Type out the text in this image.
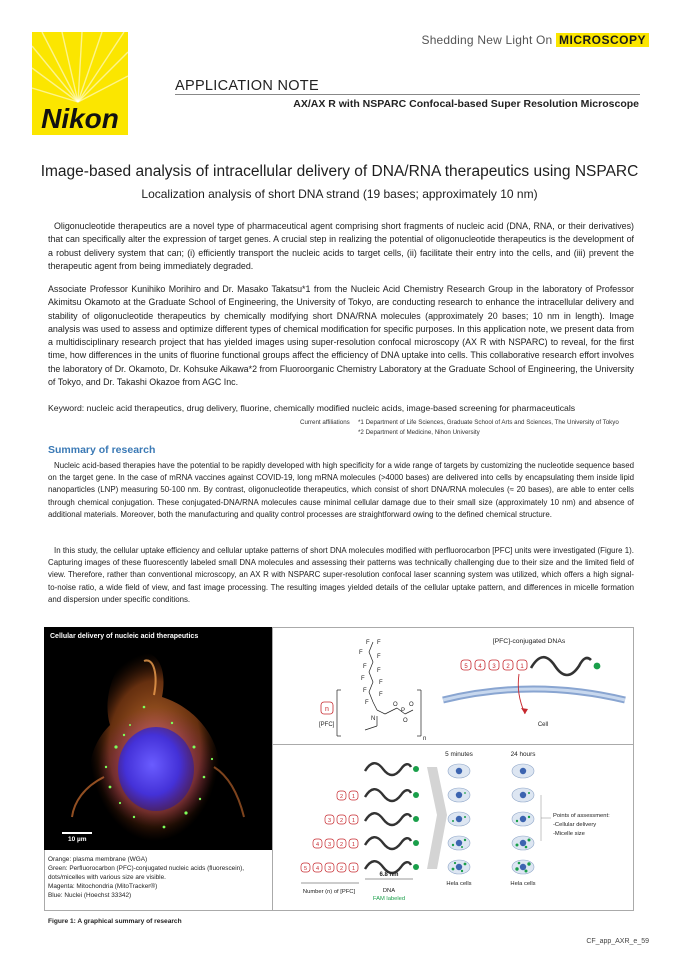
Nikon
Shedding New Light On MICROSCOPY
APPLICATION NOTE
AX/AX R with NSPARC Confocal-based Super Resolution Microscope
Image-based analysis of intracellular delivery of DNA/RNA therapeutics using NSPARC
Localization analysis of short DNA strand (19 bases; approximately 10 nm)

Oligonucleotide therapeutics are a novel type of pharmaceutical agent comprising short fragments of nucleic acid (DNA, RNA, or their derivatives) that can specifically alter the expression of target genes. A crucial step in realizing the potential of oligonucleotide therapeutics is the development of a robust delivery system that can; (i) efficiently transport the nucleic acids to target cells, (ii) facilitate their entry into the cells, and (iii) prevent the therapeutic agent from being immediately degraded.

Associate Professor Kunihiko Morihiro and Dr. Masako Takatsu*1 from the Nucleic Acid Chemistry Research Group in the laboratory of Professor Akimitsu Okamoto at the Graduate School of Engineering, the University of Tokyo, are conducting research to enhance the intracellular delivery and stability of oligonucleotide therapeutics by chemically modifying short DNA/RNA molecules (approximately 20 bases; 10 nm in length). Image analysis was used to assess and optimize different types of chemical modification for specific purposes. In this application note, we present data from a multidisciplinary research project that has yielded images using super-resolution confocal microscopy (AX R with NSPARC) to reveal, for the first time, how differences in the units of fluorine functional groups affect the efficiency of DNA uptake into cells. This collaborative research effort involves the laboratory of Dr. Okamoto, Dr. Kohsuke Aikawa*2 from Fluoroorganic Chemistry Laboratory at the Graduate School of Engineering, the University of Tokyo, and Dr. Takashi Okazoe from AGC Inc.

Keyword: nucleic acid therapeutics, drug delivery, fluorine, chemically modified nucleic acids, image-based screening for pharmaceuticals

Current affiliations *1 Department of Life Sciences, Graduate School of Arts and Sciences, The University of Tokyo
*2 Department of Medicine, Nihon University
Summary of research

Nucleic acid-based therapies have the potential to be rapidly developed with high specificity for a wide range of targets by customizing the nucleotide sequence based on the target gene. In the case of mRNA vaccines against COVID-19, long mRNA molecules (>4000 bases) are delivered into cells by encapsulating them inside lipid nanoparticles (LNP) measuring 50-100 nm. By contrast, oligonucleotide therapeutics, which consist of short DNA/RNA molecules (≈ 20 bases), are able to enter cells through chemical conjugation. These conjugated-DNA/RNA molecules cause minimal cellular damage due to their small size (approximately 10 nm) and absence of additional materials. Moreover, both the manufacturing and quality control processes are straightforward owing to the defined chemical structure.

In this study, the cellular uptake efficiency and cellular uptake patterns of short DNA molecules modified with perfluorocarbon [PFC] units were investigated (Figure 1). Capturing images of these fluorescently labeled small DNA molecules and assessing their patterns was technically challenging due to their size and the limited field of view. Therefore, rather than conventional microscopy, an AX R with NSPARC super-resolution confocal laser scanning system was utilized, which offers a high signal-to-noise ratio, a wide field of view, and fast image processing. The resulting images yielded details of the cellular uptake pattern, and differences in micelle formation and dispersion under specific conditions.

Cellular delivery of nucleic acid therapeutics
10 µm
Orange: plasma membrane (WGA)
Green: Perfluorocarbon (PFC)-conjugated nucleic acids (fluorescein),
dots/micelles with various size are visible.
Magenta: Mitochondria (MitoTracker®)
Blue: Nuclei (Hoechst 33342)
F F
F
F
F
F
F
F
F
F
F
N
O
P
O
O
n
n
[PFC]
[PFC]-conjugated DNAs
5 4 3 2 1
Cell
5 minutes	24 hours
2 1
3 2 1
4 3 2 1
5 4 3 2 1
6.8 nm
Number (n) of [PFC]	DNA
FAM labeled
Hela cells	Hela cells
Points of assessment:
-Cellular delivery
-Micelle size
Figure 1: A graphical summary of research
CF_app_AXR_e_59
